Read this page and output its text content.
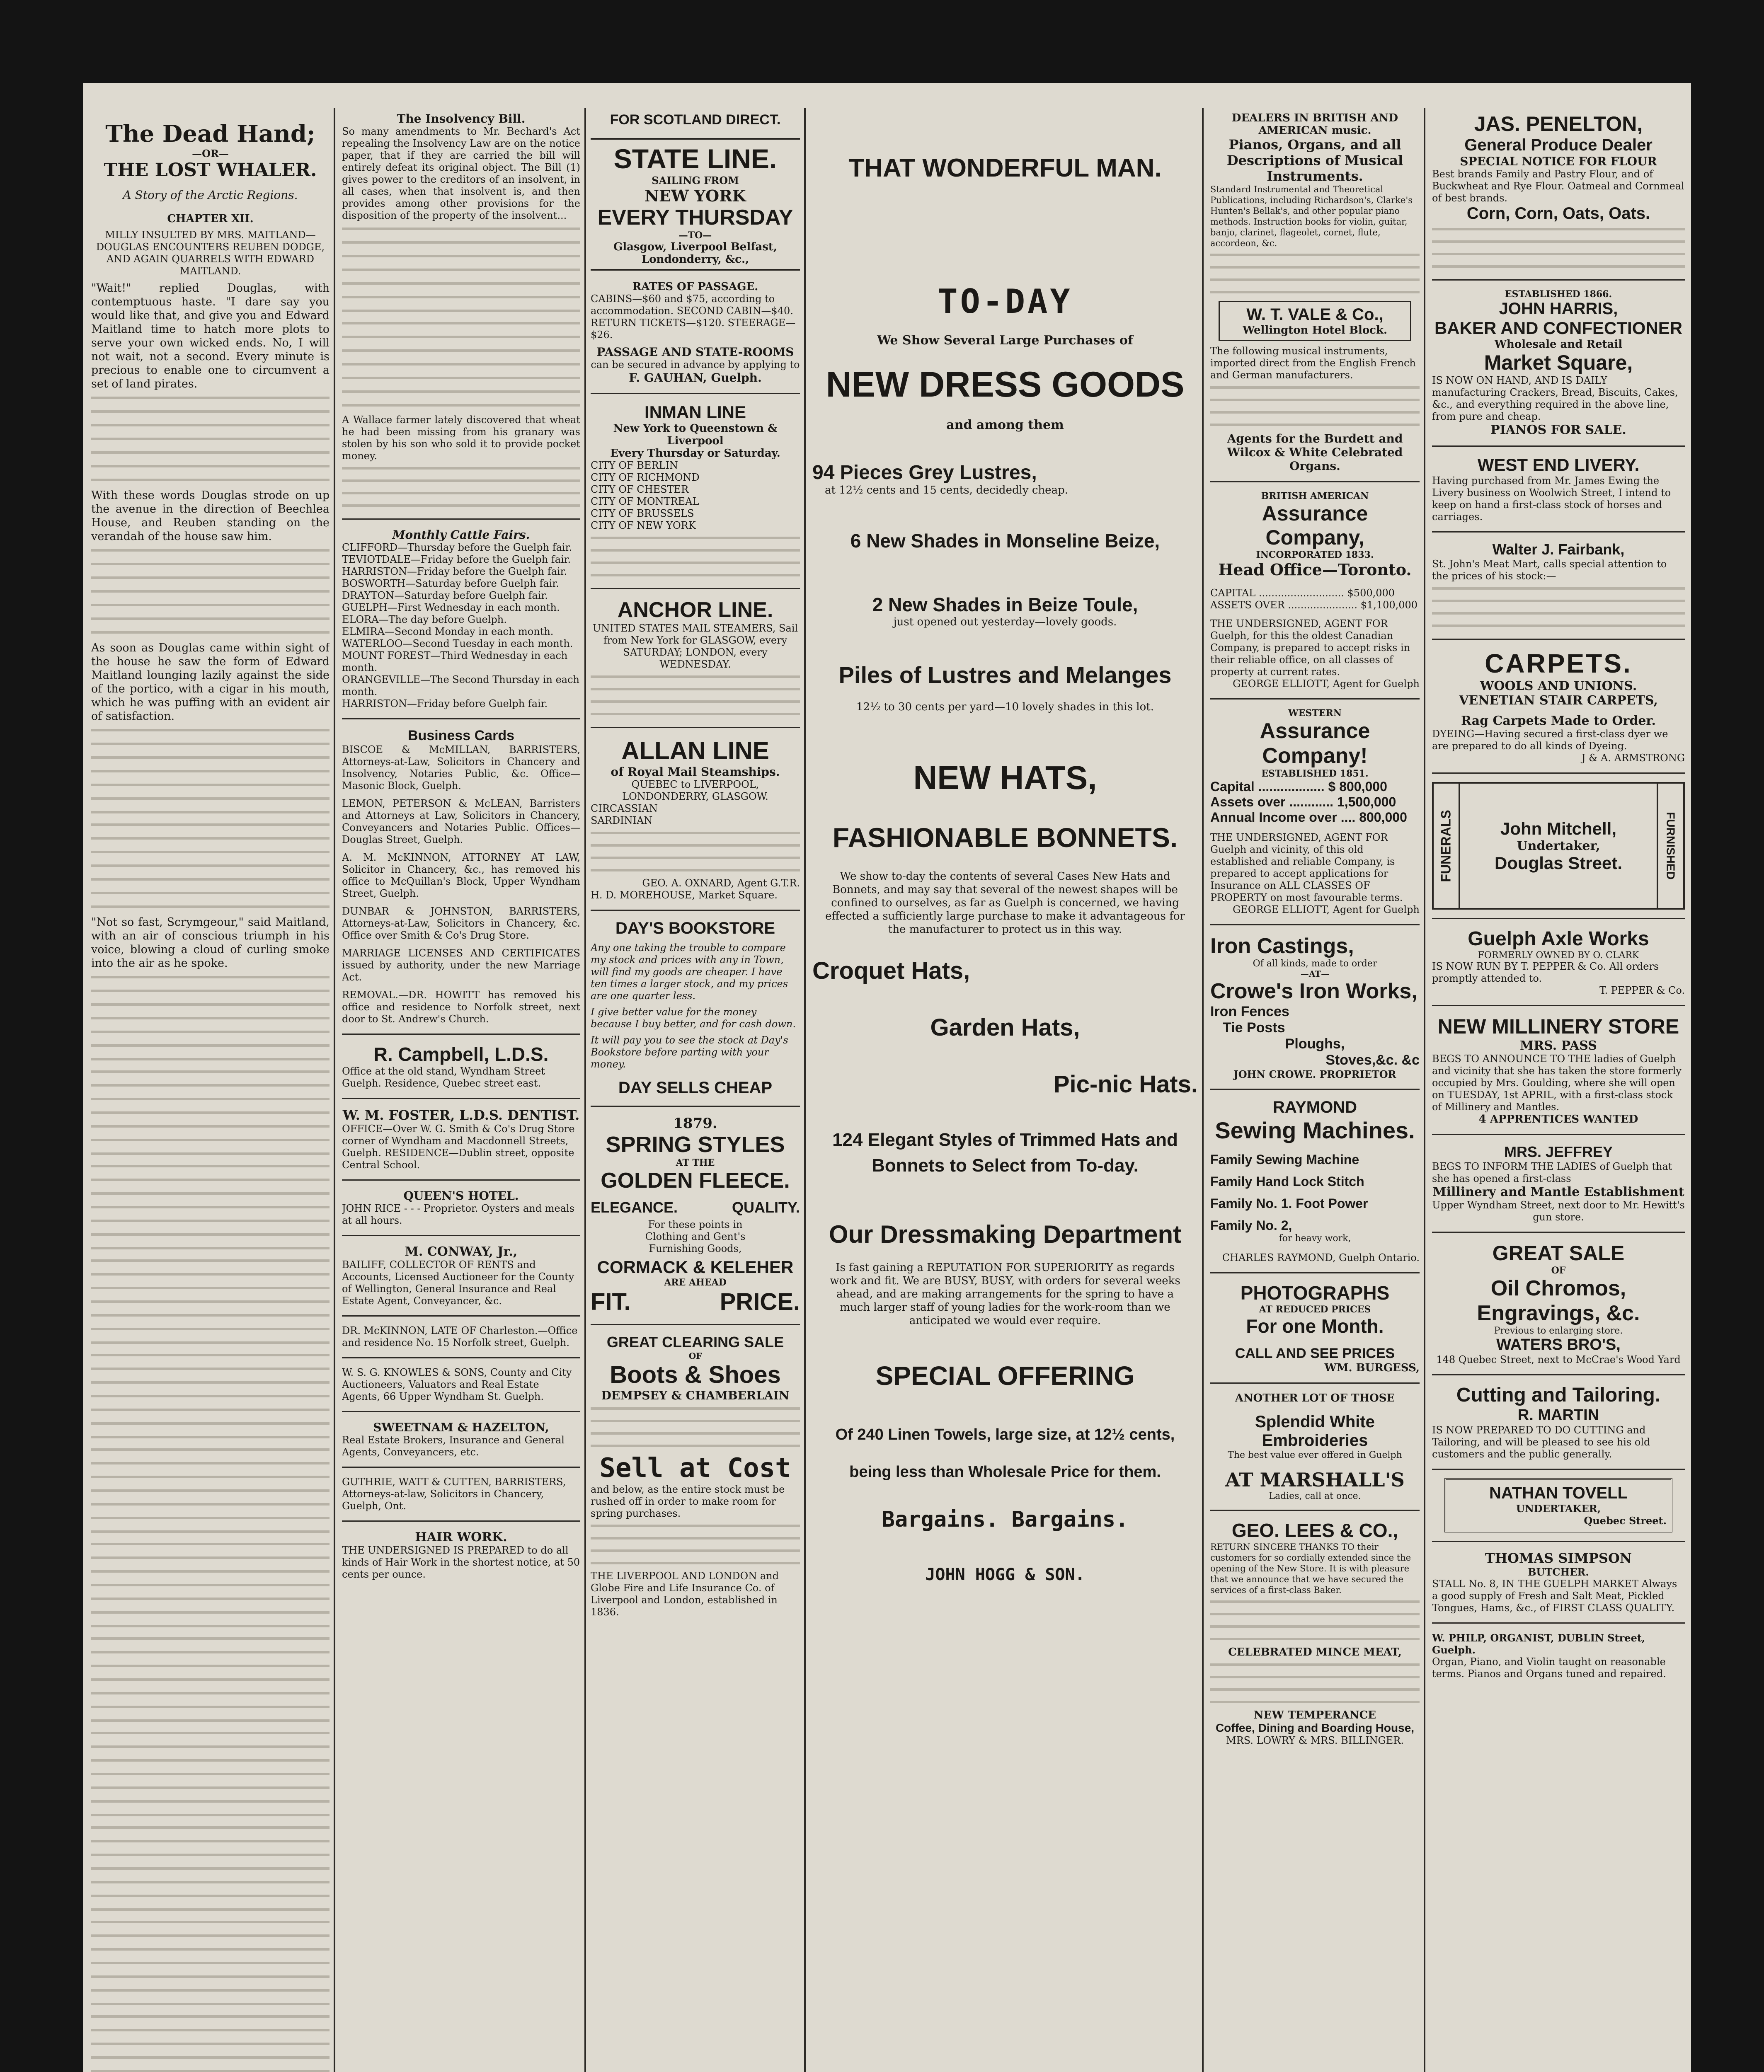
The Dead Hand;

—OR—

THE LOST WHALER.

A Story of the Arctic Regions.

CHAPTER XII.

MILLY INSULTED BY MRS. MAITLAND—DOUGLAS ENCOUNTERS REUBEN DODGE, AND AGAIN QUARRELS WITH EDWARD MAITLAND.

"Wait!" replied Douglas, with contemptuous haste. "I dare say you would like that, and give you and Edward Maitland time to hatch more plots to serve your own wicked ends. No, I will not wait, not a second. Every minute is precious to enable one to circumvent a set of land pirates.

With these words Douglas strode on up the avenue in the direction of Beechlea House, and Reuben standing on the verandah of the house saw him.

As soon as Douglas came within sight of the house he saw the form of Edward Maitland lounging lazily against the side of the portico, with a cigar in his mouth, which he was puffing with an evident air of satisfaction.

"Not so fast, Scrymgeour," said Maitland, with an air of conscious triumph in his voice, blowing a cloud of curling smoke into the air as he spoke.

The Insolvency Bill.

So many amendments to Mr. Bechard's Act repealing the Insolvency Law are on the notice paper, that if they are carried the bill will entirely defeat its original object. The Bill (1) gives power to the creditors of an insolvent, in all cases, when that insolvent is, and then provides among other provisions for the disposition of the property of the insolvent...

A Wallace farmer lately discovered that wheat he had been missing from his granary was stolen by his son who sold it to provide pocket money.

Monthly Cattle Fairs.

CLIFFORD—Thursday before the Guelph fair.

TEVIOTDALE—Friday before the Guelph fair.

HARRISTON—Friday before the Guelph fair.

BOSWORTH—Saturday before Guelph fair.

DRAYTON—Saturday before Guelph fair.

GUELPH—First Wednesday in each month.

ELORA—The day before Guelph.

ELMIRA—Second Monday in each month.

WATERLOO—Second Tuesday in each month.

MOUNT FOREST—Third Wednesday in each month.

ORANGEVILLE—The Second Thursday in each month.

HARRISTON—Friday before Guelph fair.

Business Cards

BISCOE & McMILLAN, BARRISTERS, Attorneys-at-Law, Solicitors in Chancery and Insolvency, Notaries Public, &c. Office—Masonic Block, Guelph.

LEMON, PETERSON & McLEAN, Barristers and Attorneys at Law, Solicitors in Chancery, Conveyancers and Notaries Public. Offices—Douglas Street, Guelph.

A. M. McKINNON, ATTORNEY AT LAW, Solicitor in Chancery, &c., has removed his office to McQuillan's Block, Upper Wyndham Street, Guelph.

DUNBAR & JOHNSTON, BARRISTERS, Attorneys-at-Law, Solicitors in Chancery, &c. Office over Smith & Co's Drug Store.

MARRIAGE LICENSES AND CERTIFICATES issued by authority, under the new Marriage Act.

REMOVAL.—DR. HOWITT has removed his office and residence to Norfolk street, next door to St. Andrew's Church.

R. Campbell, L.D.S.

Office at the old stand, Wyndham Street Guelph. Residence, Quebec street east.

W. M. FOSTER, L.D.S. DENTIST.

OFFICE—Over W. G. Smith & Co's Drug Store corner of Wyndham and Macdonnell Streets, Guelph. RESIDENCE—Dublin street, opposite Central School.

QUEEN'S HOTEL.

JOHN RICE - - - Proprietor. Oysters and meals at all hours.

M. CONWAY, Jr.,

BAILIFF, COLLECTOR OF RENTS and Accounts, Licensed Auctioneer for the County of Wellington, General Insurance and Real Estate Agent, Conveyancer, &c.

DR. McKINNON, LATE OF Charleston.—Office and residence No. 15 Norfolk street, Guelph.

W. S. G. KNOWLES & SONS, County and City Auctioneers, Valuators and Real Estate Agents, 66 Upper Wyndham St. Guelph.

SWEETNAM & HAZELTON,

Real Estate Brokers, Insurance and General Agents, Conveyancers, etc.

GUTHRIE, WATT & CUTTEN, BARRISTERS, Attorneys-at-law, Solicitors in Chancery, Guelph, Ont.

HAIR WORK.

THE UNDERSIGNED IS PREPARED to do all kinds of Hair Work in the shortest notice, at 50 cents per ounce.

FOR SCOTLAND DIRECT.

STATE LINE.

SAILING FROM

NEW YORK

EVERY THURSDAY

—TO—

Glasgow, Liverpool Belfast, Londonderry, &c.,

RATES OF PASSAGE.

CABINS—$60 and $75, according to accommodation. SECOND CABIN—$40. RETURN TICKETS—$120. STEERAGE—$26.

PASSAGE AND STATE-ROOMS

can be secured in advance by applying to

F. GAUHAN, Guelph.

INMAN LINE

New York to Queenstown & Liverpool

Every Thursday or Saturday.

CITY OF BERLIN

CITY OF RICHMOND

CITY OF CHESTER

CITY OF MONTREAL

CITY OF BRUSSELS

CITY OF NEW YORK

ANCHOR LINE.

UNITED STATES MAIL STEAMERS, Sail from New York for GLASGOW, every SATURDAY; LONDON, every WEDNESDAY.

ALLAN LINE

of Royal Mail Steamships.

QUEBEC to LIVERPOOL, LONDONDERRY, GLASGOW.

CIRCASSIAN

SARDINIAN

GEO. A. OXNARD, Agent G.T.R.

H. D. MOREHOUSE, Market Square.

DAY'S BOOKSTORE

Any one taking the trouble to compare my stock and prices with any in Town, will find my goods are cheaper. I have ten times a larger stock, and my prices are one quarter less.

I give better value for the money because I buy better, and for cash down.

It will pay you to see the stock at Day's Bookstore before parting with your money.

DAY SELLS CHEAP

1879.

SPRING STYLES

AT THE

GOLDEN FLEECE.

ELEGANCE.	QUALITY.

For these points in Clothing and Gent's Furnishing Goods,

CORMACK & KELEHER

ARE AHEAD

FIT.	PRICE.

GREAT CLEARING SALE

OF

Boots & Shoes

DEMPSEY & CHAMBERLAIN

Sell at Cost

and below, as the entire stock must be rushed off in order to make room for spring purchases.

THE LIVERPOOL AND LONDON and Globe Fire and Life Insurance Co. of Liverpool and London, established in 1836.

THAT WONDERFUL MAN.

TO-DAY

We Show Several Large Purchases of

NEW DRESS GOODS

and among them

94 Pieces Grey Lustres,

at 12½ cents and 15 cents, decidedly cheap.

6 New Shades in Monseline Beize,

2 New Shades in Beize Toule,

just opened out yesterday—lovely goods.

Piles of Lustres and Melanges

12½ to 30 cents per yard—10 lovely shades in this lot.

NEW HATS,

FASHIONABLE BONNETS.

We show to-day the contents of several Cases New Hats and Bonnets, and may say that several of the newest shapes will be confined to ourselves, as far as Guelph is concerned, we having effected a sufficiently large purchase to make it advantageous for the manufacturer to protect us in this way.

Croquet Hats,

Garden Hats,

Pic-nic Hats.

124 Elegant Styles of Trimmed Hats and Bonnets to Select from To-day.

Our Dressmaking Department

Is fast gaining a REPUTATION FOR SUPERIORITY as regards work and fit. We are BUSY, BUSY, with orders for several weeks ahead, and are making arrangements for the spring to have a much larger staff of young ladies for the work-room than we anticipated we would ever require.

SPECIAL OFFERING

Of 240 Linen Towels, large size, at 12½ cents, being less than Wholesale Price for them.

Bargains. Bargains.

JOHN HOGG & SON.

DEALERS IN BRITISH AND AMERICAN music.

Pianos, Organs, and all Descriptions of Musical Instruments.

Standard Instrumental and Theoretical Publications, including Richardson's, Clarke's Hunten's Bellak's, and other popular piano methods. Instruction books for violin, guitar, banjo, clarinet, flageolet, cornet, flute, accordeon, &c.

W. T. VALE & Co.,

Wellington Hotel Block.

The following musical instruments, imported direct from the English French and German manufacturers.

Agents for the Burdett and Wilcox & White Celebrated Organs.

BRITISH AMERICAN

Assurance Company,

INCORPORATED 1833.

Head Office—Toronto.

CAPITAL ........................... $500,000

ASSETS OVER ...................... $1,100,000

THE UNDERSIGNED, AGENT FOR Guelph, for this the oldest Canadian Company, is prepared to accept risks in their reliable office, on all classes of property at current rates.

GEORGE ELLIOTT, Agent for Guelph

WESTERN

Assurance Company!

ESTABLISHED 1851.

Capital .................. $ 800,000

Assets over ............ 1,500,000

Annual Income over .... 800,000

THE UNDERSIGNED, AGENT FOR Guelph and vicinity, of this old established and reliable Company, is prepared to accept applications for Insurance on ALL CLASSES OF PROPERTY on most favourable terms.

GEORGE ELLIOTT, Agent for Guelph

Iron Castings,

Of all kinds, made to order

—AT—

Crowe's Iron Works,

Iron Fences

Tie Posts

Ploughs,

Stoves,&c. &c

JOHN CROWE. PROPRIETOR

RAYMOND

Sewing Machines.

Family Sewing Machine

Family Hand Lock Stitch

Family No. 1. Foot Power

Family No. 2,

for heavy work,

CHARLES RAYMOND, Guelph Ontario.

PHOTOGRAPHS

AT REDUCED PRICES

For one Month.

CALL AND SEE PRICES

WM. BURGESS,

ANOTHER LOT OF THOSE

Splendid White Embroideries

The best value ever offered in Guelph

AT MARSHALL'S

Ladies, call at once.

GEO. LEES & CO.,

RETURN SINCERE THANKS TO their customers for so cordially extended since the opening of the New Store. It is with pleasure that we announce that we have secured the services of a first-class Baker.

CELEBRATED MINCE MEAT,

NEW TEMPERANCE

Coffee, Dining and Boarding House,

MRS. LOWRY & MRS. BILLINGER.

JAS. PENELTON,

General Produce Dealer

SPECIAL NOTICE FOR FLOUR

Best brands Family and Pastry Flour, and of Buckwheat and Rye Flour. Oatmeal and Cornmeal of best brands.

Corn, Corn, Oats, Oats.

ESTABLISHED 1866.

JOHN HARRIS,

BAKER AND CONFECTIONER

Wholesale and Retail

Market Square,

IS NOW ON HAND, AND IS DAILY manufacturing Crackers, Bread, Biscuits, Cakes, &c., and everything required in the above line, from pure and cheap.

PIANOS FOR SALE.

WEST END LIVERY.

Having purchased from Mr. James Ewing the Livery business on Woolwich Street, I intend to keep on hand a first-class stock of horses and carriages.

Walter J. Fairbank,

St. John's Meat Mart, calls special attention to the prices of his stock:—

CARPETS.

WOOLS AND UNIONS.

VENETIAN STAIR CARPETS,

Rag Carpets Made to Order.

DYEING—Having secured a first-class dyer we are prepared to do all kinds of Dyeing.

J & A. ARMSTRONG

FUNERALS	John Mitchell,
Undertaker,
Douglas Street.	FURNISHED

Guelph Axle Works

FORMERLY OWNED BY O. CLARK

IS NOW RUN BY T. PEPPER & Co. All orders promptly attended to.

T. PEPPER & Co.

NEW MILLINERY STORE

MRS. PASS

BEGS TO ANNOUNCE TO THE ladies of Guelph and vicinity that she has taken the store formerly occupied by Mrs. Goulding, where she will open on TUESDAY, 1st APRIL, with a first-class stock of Millinery and Mantles.

4 APPRENTICES WANTED

MRS. JEFFREY

BEGS TO INFORM THE LADIES of Guelph that she has opened a first-class

Millinery and Mantle Establishment

Upper Wyndham Street, next door to Mr. Hewitt's gun store.

GREAT SALE

OF

Oil Chromos,

Engravings, &c.

Previous to enlarging store.

WATERS BRO'S,

148 Quebec Street, next to McCrae's Wood Yard

Cutting and Tailoring.

R. MARTIN

IS NOW PREPARED TO DO CUTTING and Tailoring, and will be pleased to see his old customers and the public generally.

NATHAN TOVELL

UNDERTAKER,

Quebec Street.

THOMAS SIMPSON

BUTCHER.

STALL No. 8, IN THE GUELPH MARKET Always a good supply of Fresh and Salt Meat, Pickled Tongues, Hams, &c., of FIRST CLASS QUALITY.

W. PHILP, ORGANIST, DUBLIN Street, Guelph.

Organ, Piano, and Violin taught on reasonable terms. Pianos and Organs tuned and repaired.
